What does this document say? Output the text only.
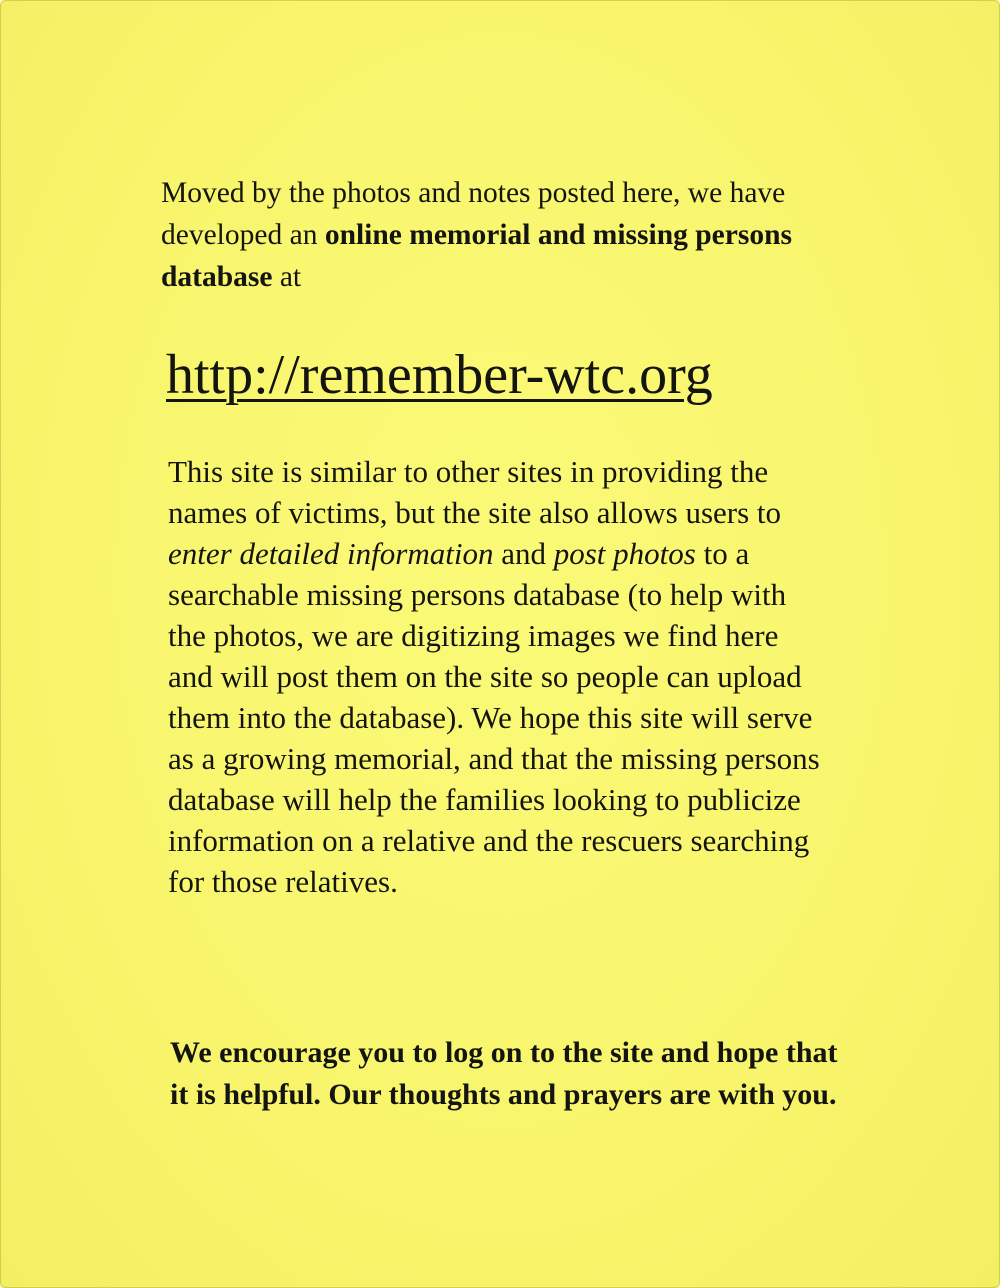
Moved by the photos and notes posted here, we have developed an online memorial and missing persons database at

http://remember-wtc.org

This site is similar to other sites in providing the names of victims, but the site also allows users to enter detailed information and post photos to a searchable missing persons database (to help with the photos, we are digitizing images we find here and will post them on the site so people can upload them into the database). We hope this site will serve as a growing memorial, and that the missing persons database will help the families looking to publicize information on a relative and the rescuers searching for those relatives.

We encourage you to log on to the site and hope that it is helpful. Our thoughts and prayers are with you.
